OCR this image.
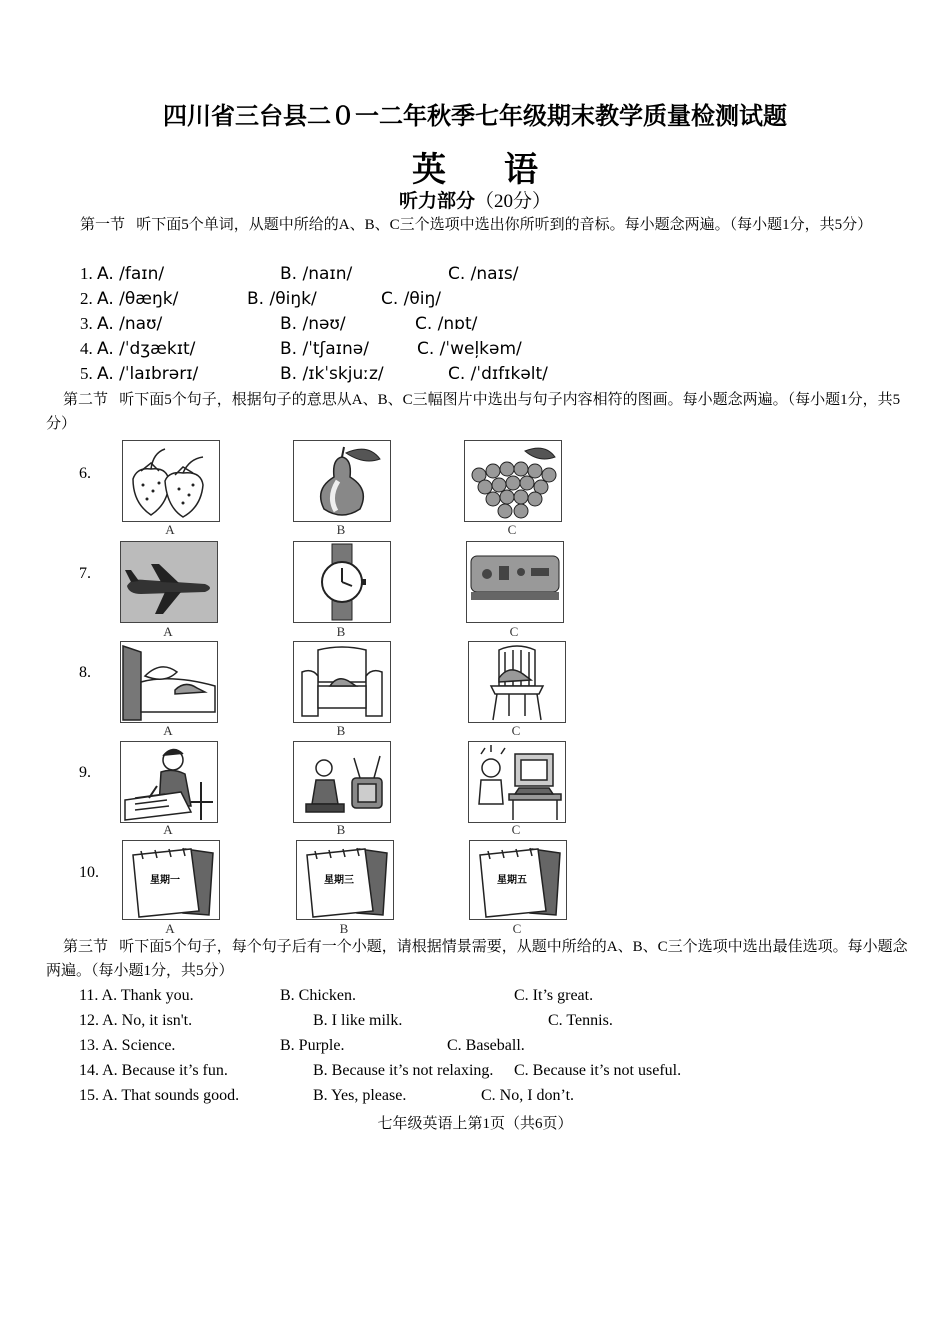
四川省三台县二０一二年秋季七年级期末教学质量检测试题
英语
听力部分（20分）
第一节 听下面5个单词，从题中所给的A、B、C三个选项中选出你所听到的音标。每小题念两遍。（每小题1分，共5分）
1. A. /faɪn/	B. /naɪn/	C. /naɪs/
2. A. /θæŋk/	B. /θiŋk/	C. /θiŋ/
3. A. /naʊ/	B. /nəʊ/	C. /nɒt/
4. A. /ˈdʒækɪt/	B. /ˈtʃaɪnə/	C. /ˈweļkəm/
5. A. /ˈlaɪbrərɪ/	B. /ɪkˈskjuːz/	C. /ˈdɪfɪkəlt/
第二节 听下面5个句子，根据句子的意思从A、B、C三幅图片中选出与句子内容相符的图画。每小题念两遍。（每小题1分，共5分）
6.
A	B	C
7.
A	B	C
8.
A	B	C
9.
A	B	C
10.	星期一
A
星期三
B
星期五
C
第三节 听下面5个句子，每个句子后有一个小题，请根据情景需要，从题中所给的A、B、C三个选项中选出最佳选项。每小题念两遍。（每小题1分，共5分）
11. A. Thank you.	B. Chicken.	C. It’s great.
12. A. No, it isn't.	B. I like milk.	C. Tennis.
13. A. Science.	B. Purple.	C. Baseball.
14. A. Because it’s fun.	B. Because it’s not relaxing. C. Because it’s not useful.
15. A. That sounds good.	B. Yes, please.	C. No, I don’t.
七年级英语上第1页（共6页）
